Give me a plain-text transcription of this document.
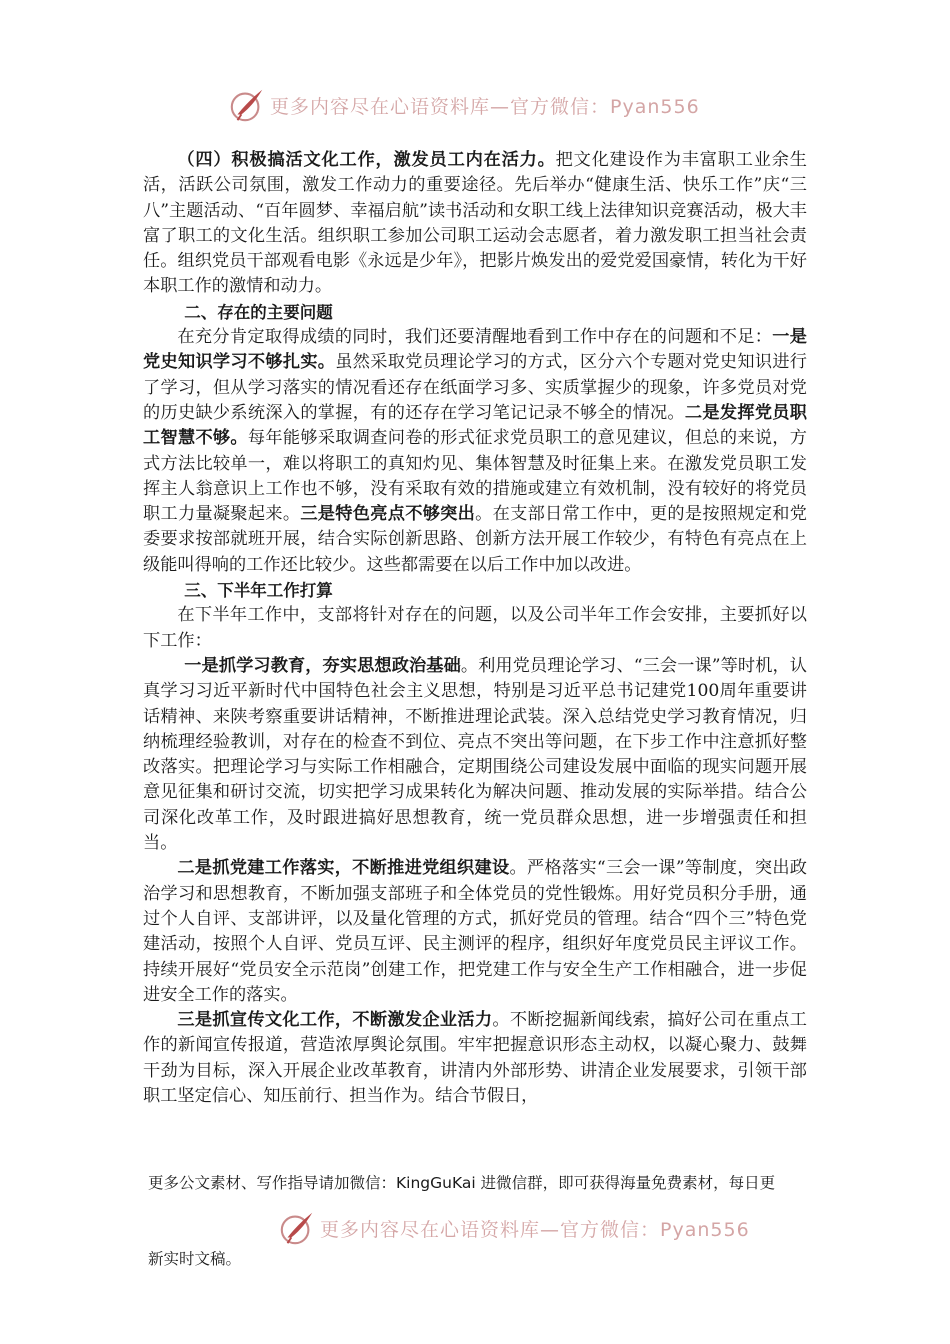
更多内容尽在心语资料库—官方微信：Pyan556

（四）积极搞活文化工作，激发员工内在活力。把文化建设作为丰富职工业余生活，活跃公司氛围，激发工作动力的重要途径。先后举办“健康生活、快乐工作”庆“三八”主题活动、“百年圆梦、幸福启航”读书活动和女职工线上法律知识竞赛活动，极大丰富了职工的文化生活。组织职工参加公司职工运动会志愿者，着力激发职工担当社会责任。组织党员干部观看电影《永远是少年》，把影片焕发出的爱党爱国豪情，转化为干好本职工作的激情和动力。

二、存在的主要问题

在充分肯定取得成绩的同时，我们还要清醒地看到工作中存在的问题和不足：一是党史知识学习不够扎实。虽然采取党员理论学习的方式，区分六个专题对党史知识进行了学习，但从学习落实的情况看还存在纸面学习多、实质掌握少的现象，许多党员对党的历史缺少系统深入的掌握，有的还存在学习笔记记录不够全的情况。二是发挥党员职工智慧不够。每年能够采取调查问卷的形式征求党员职工的意见建议，但总的来说，方式方法比较单一，难以将职工的真知灼见、集体智慧及时征集上来。在激发党员职工发挥主人翁意识上工作也不够，没有采取有效的措施或建立有效机制，没有较好的将党员职工力量凝聚起来。三是特色亮点不够突出。在支部日常工作中，更的是按照规定和党委要求按部就班开展，结合实际创新思路、创新方法开展工作较少，有特色有亮点在上级能叫得响的工作还比较少。这些都需要在以后工作中加以改进。

三、下半年工作打算

在下半年工作中，支部将针对存在的问题，以及公司半年工作会安排，主要抓好以下工作：

一是抓学习教育，夯实思想政治基础。利用党员理论学习、“三会一课”等时机，认真学习习近平新时代中国特色社会主义思想，特别是习近平总书记建党100周年重要讲话精神、来陕考察重要讲话精神，不断推进理论武装。深入总结党史学习教育情况，归纳梳理经验教训，对存在的检查不到位、亮点不突出等问题，在下步工作中注意抓好整改落实。把理论学习与实际工作相融合，定期围绕公司建设发展中面临的现实问题开展意见征集和研讨交流，切实把学习成果转化为解决问题、推动发展的实际举措。结合公司深化改革工作，及时跟进搞好思想教育，统一党员群众思想，进一步增强责任和担当。

二是抓党建工作落实，不断推进党组织建设。严格落实“三会一课”等制度，突出政治学习和思想教育，不断加强支部班子和全体党员的党性锻炼。用好党员积分手册，通过个人自评、支部讲评，以及量化管理的方式，抓好党员的管理。结合“四个三”特色党建活动，按照个人自评、党员互评、民主测评的程序，组织好年度党员民主评议工作。持续开展好“党员安全示范岗”创建工作，把党建工作与安全生产工作相融合，进一步促进安全工作的落实。

三是抓宣传文化工作，不断激发企业活力。不断挖掘新闻线索，搞好公司在重点工作的新闻宣传报道，营造浓厚舆论氛围。牢牢把握意识形态主动权，以凝心聚力、鼓舞干劲为目标，深入开展企业改革教育，讲清内外部形势、讲清企业发展要求，引领干部职工坚定信心、知压前行、担当作为。结合节假日，

更多公文素材、写作指导请加微信：KingGuKai 进微信群，即可获得海量免费素材，每日更
更多内容尽在心语资料库—官方微信：Pyan556
新实时文稿。
